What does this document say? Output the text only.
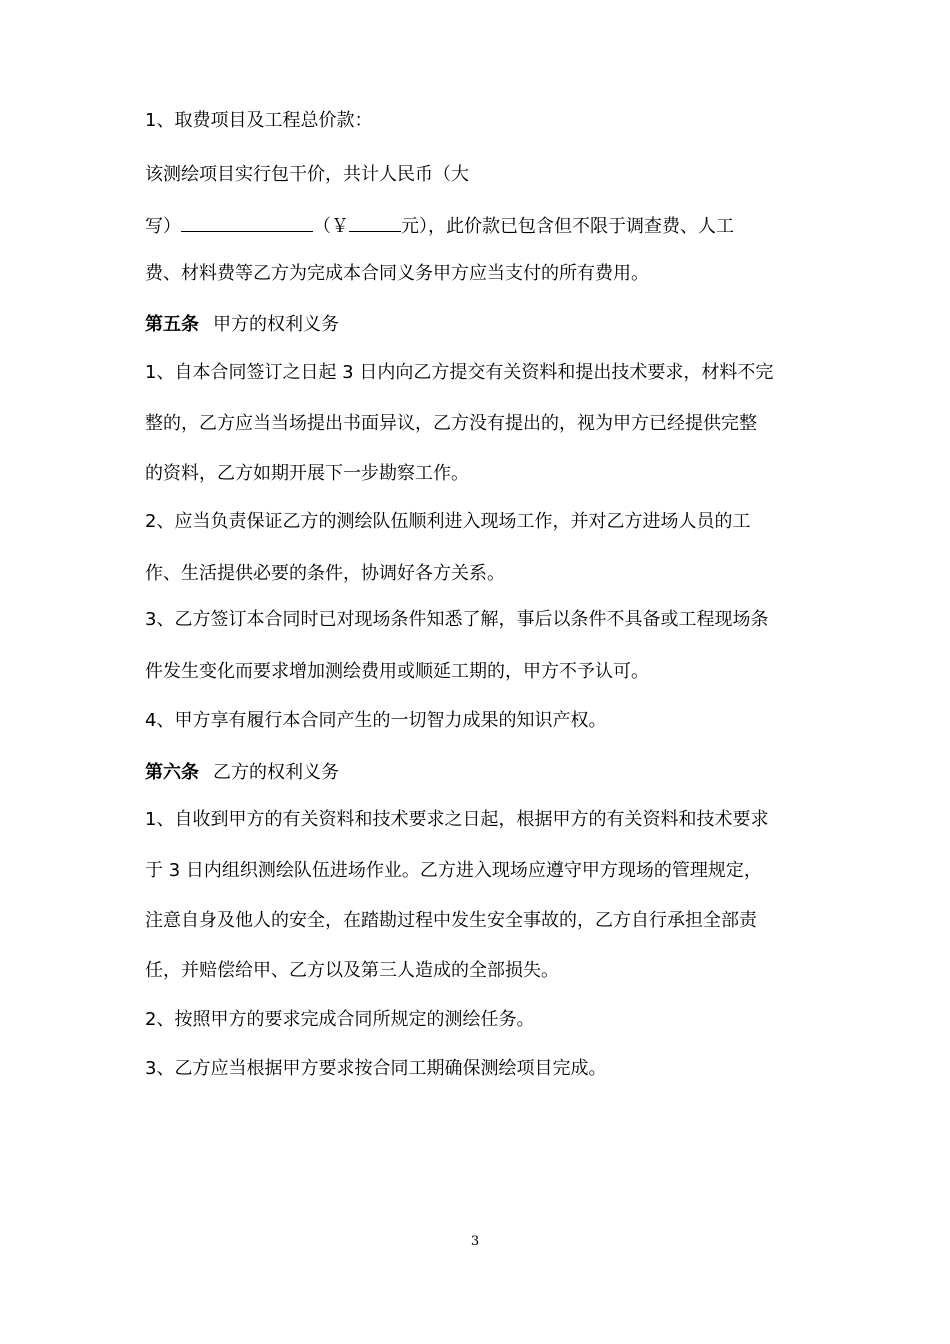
1、取费项目及工程总价款：
该测绘项目实行包干价，共计人民币（大
写）	（￥	元），此价款已包含但不限于调查费、人工
费、材料费等乙方为完成本合同义务甲方应当支付的所有费用。
第五条 甲方的权利义务
1、自本合同签订之日起 3 日内向乙方提交有关资料和提出技术要求，材料不完
整的，乙方应当当场提出书面异议，乙方没有提出的，视为甲方已经提供完整
的资料，乙方如期开展下一步勘察工作。
2、应当负责保证乙方的测绘队伍顺利进入现场工作，并对乙方进场人员的工
作、生活提供必要的条件，协调好各方关系。
3、乙方签订本合同时已对现场条件知悉了解，事后以条件不具备或工程现场条
件发生变化而要求增加测绘费用或顺延工期的，甲方不予认可。
4、甲方享有履行本合同产生的一切智力成果的知识产权。
第六条 乙方的权利义务
1、自收到甲方的有关资料和技术要求之日起，根据甲方的有关资料和技术要求
于 3 日内组织测绘队伍进场作业。乙方进入现场应遵守甲方现场的管理规定，
注意自身及他人的安全，在踏勘过程中发生安全事故的，乙方自行承担全部责
任，并赔偿给甲、乙方以及第三人造成的全部损失。
2、按照甲方的要求完成合同所规定的测绘任务。
3、乙方应当根据甲方要求按合同工期确保测绘项目完成。
3
